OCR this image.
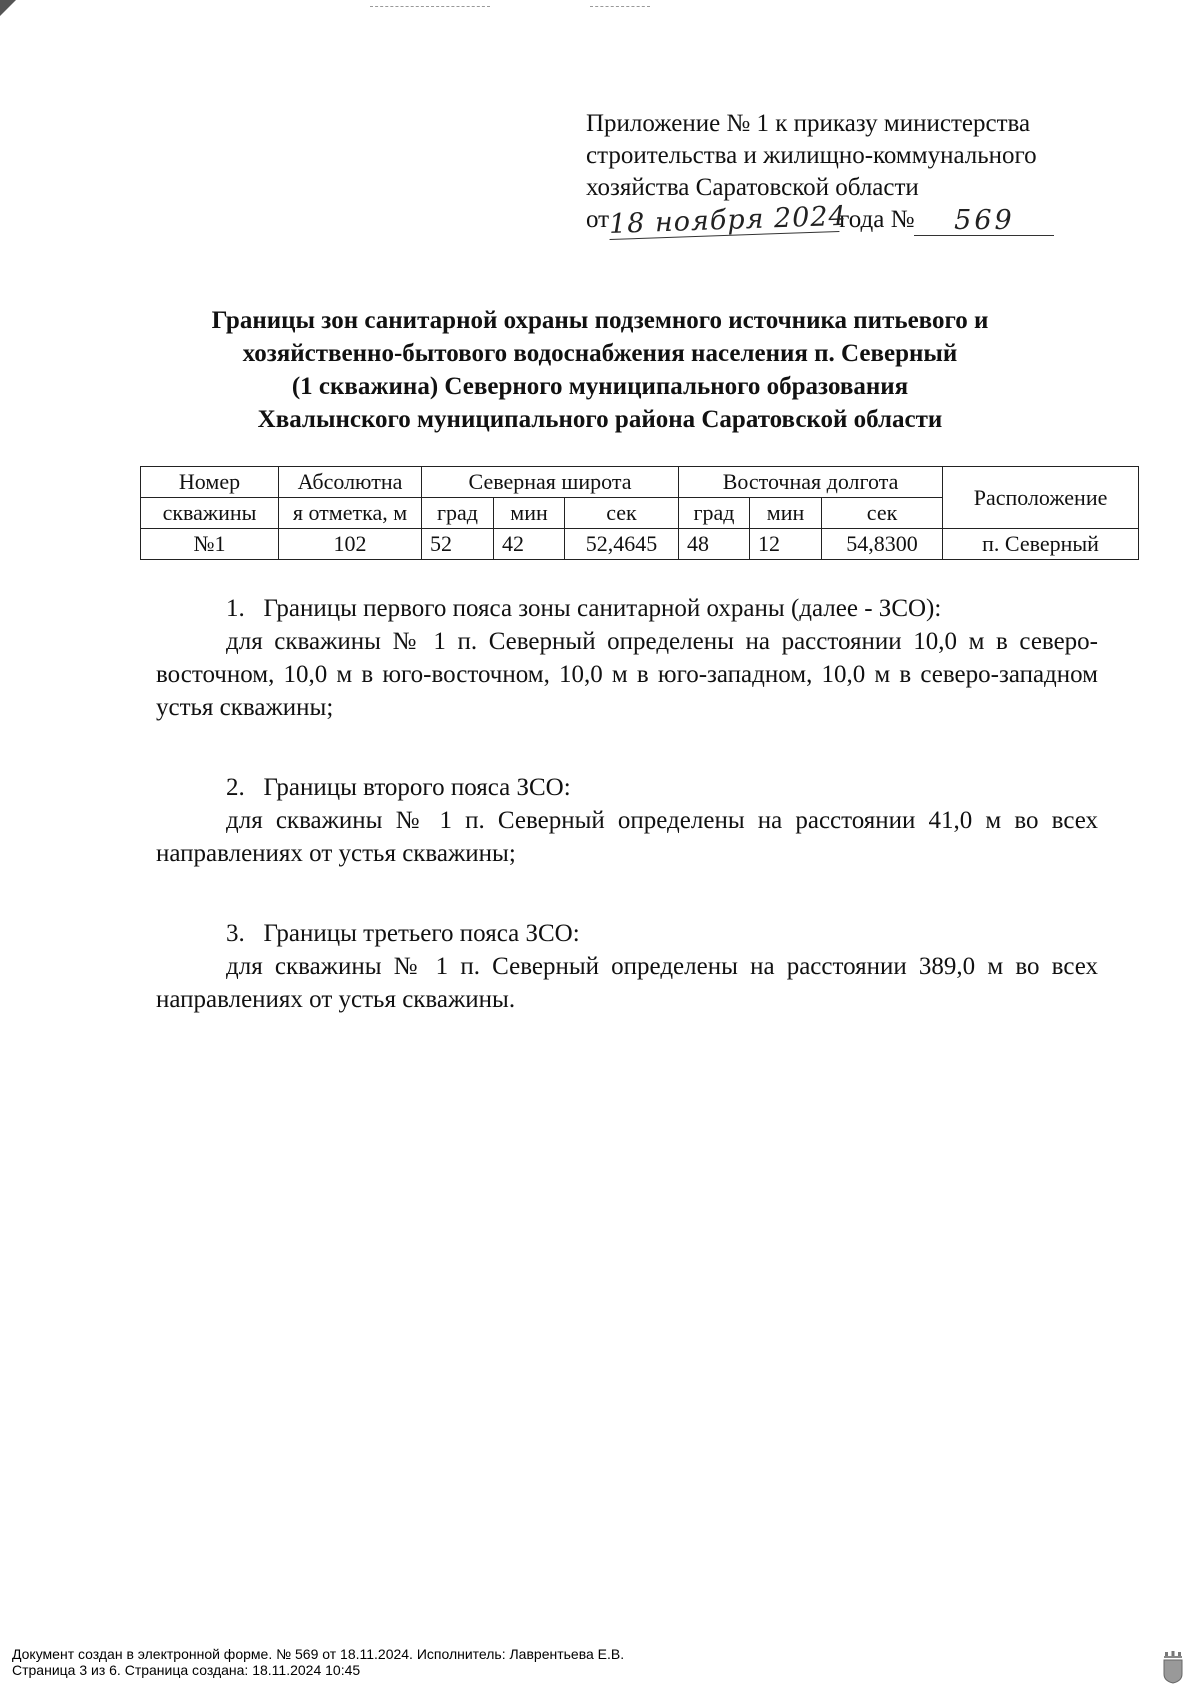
Приложение № 1 к приказу министерства
строительства и жилищно-коммунального
хозяйства Саратовской области
от 18 ноября 2024
года №	569
Границы зон санитарной охраны подземного источника питьевого и
хозяйственно-бытового водоснабжения населения п. Северный
(1 скважина) Северного муниципального образования
Хвалынского муниципального района Саратовской области
Номер	Абсолютна	Северная широта			Восточная долгота			Расположение
скважины	я отметка, м	град	мин	сек	град	мин	сек	
№1	102	52	42	52,4645	48	12	54,8300	п. Северный
1.   Границы первого пояса зоны санитарной охраны (далее - ЗСО):
для скважины № 1 п. Северный определены на расстоянии 10,0 м в северо-восточном, 10,0 м в юго-восточном, 10,0 м в юго-западном, 10,0 м в северо-западном устья скважины;
2.   Границы второго пояса ЗСО:
для скважины № 1 п. Северный определены на расстоянии 41,0 м во всех направлениях от устья скважины;
3.   Границы третьего пояса ЗСО:
для скважины № 1 п. Северный определены на расстоянии 389,0 м во всех направлениях от устья скважины.
Документ создан в электронной форме. № 569 от 18.11.2024. Исполнитель: Лаврентьева Е.В.
Страница 3 из 6. Страница создана: 18.11.2024 10:45
